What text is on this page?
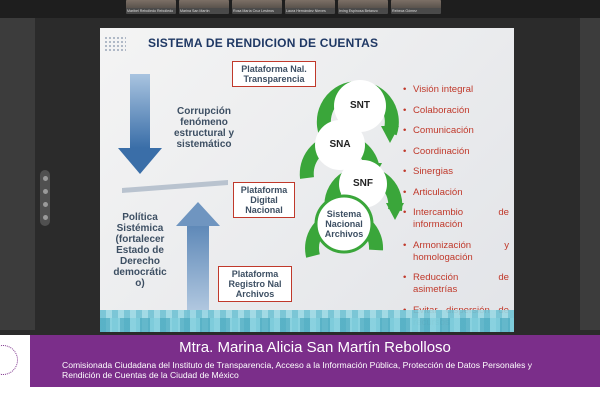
Maribel Rebolledo Rebolledo Marina San Martín	Rosa María Cruz Lesbros	Laura Hernández Nieves	Irving Espinosa Betanzo	Rebeca Gómez
SISTEMA DE RENDICION DE CUENTAS
Corrupción
fenómeno
estructural y
sistemático
Política
Sistémica
(fortalecer
Estado de
Derecho
democrátic
o)
Plataforma Nal.
Transparencia
Plataforma
Digital
Nacional
Plataforma
Registro Nal
Archivos
SNT
SNA
SNF
Sistema
Nacional
Archivos
• Visión integral
• Colaboración
• Comunicación
• Coordinación
• Sinergias
• Articulación
• Intercambio de información
• Armonización y homologación
• Reducción de asimetrías
•
Mtra. Marina Alicia San Martín Rebolloso
Comisionada Ciudadana del Instituto de Transparencia, Acceso a la Información Pública, Protección de Datos Personales y
Rendición de Cuentas de la Ciudad de México
